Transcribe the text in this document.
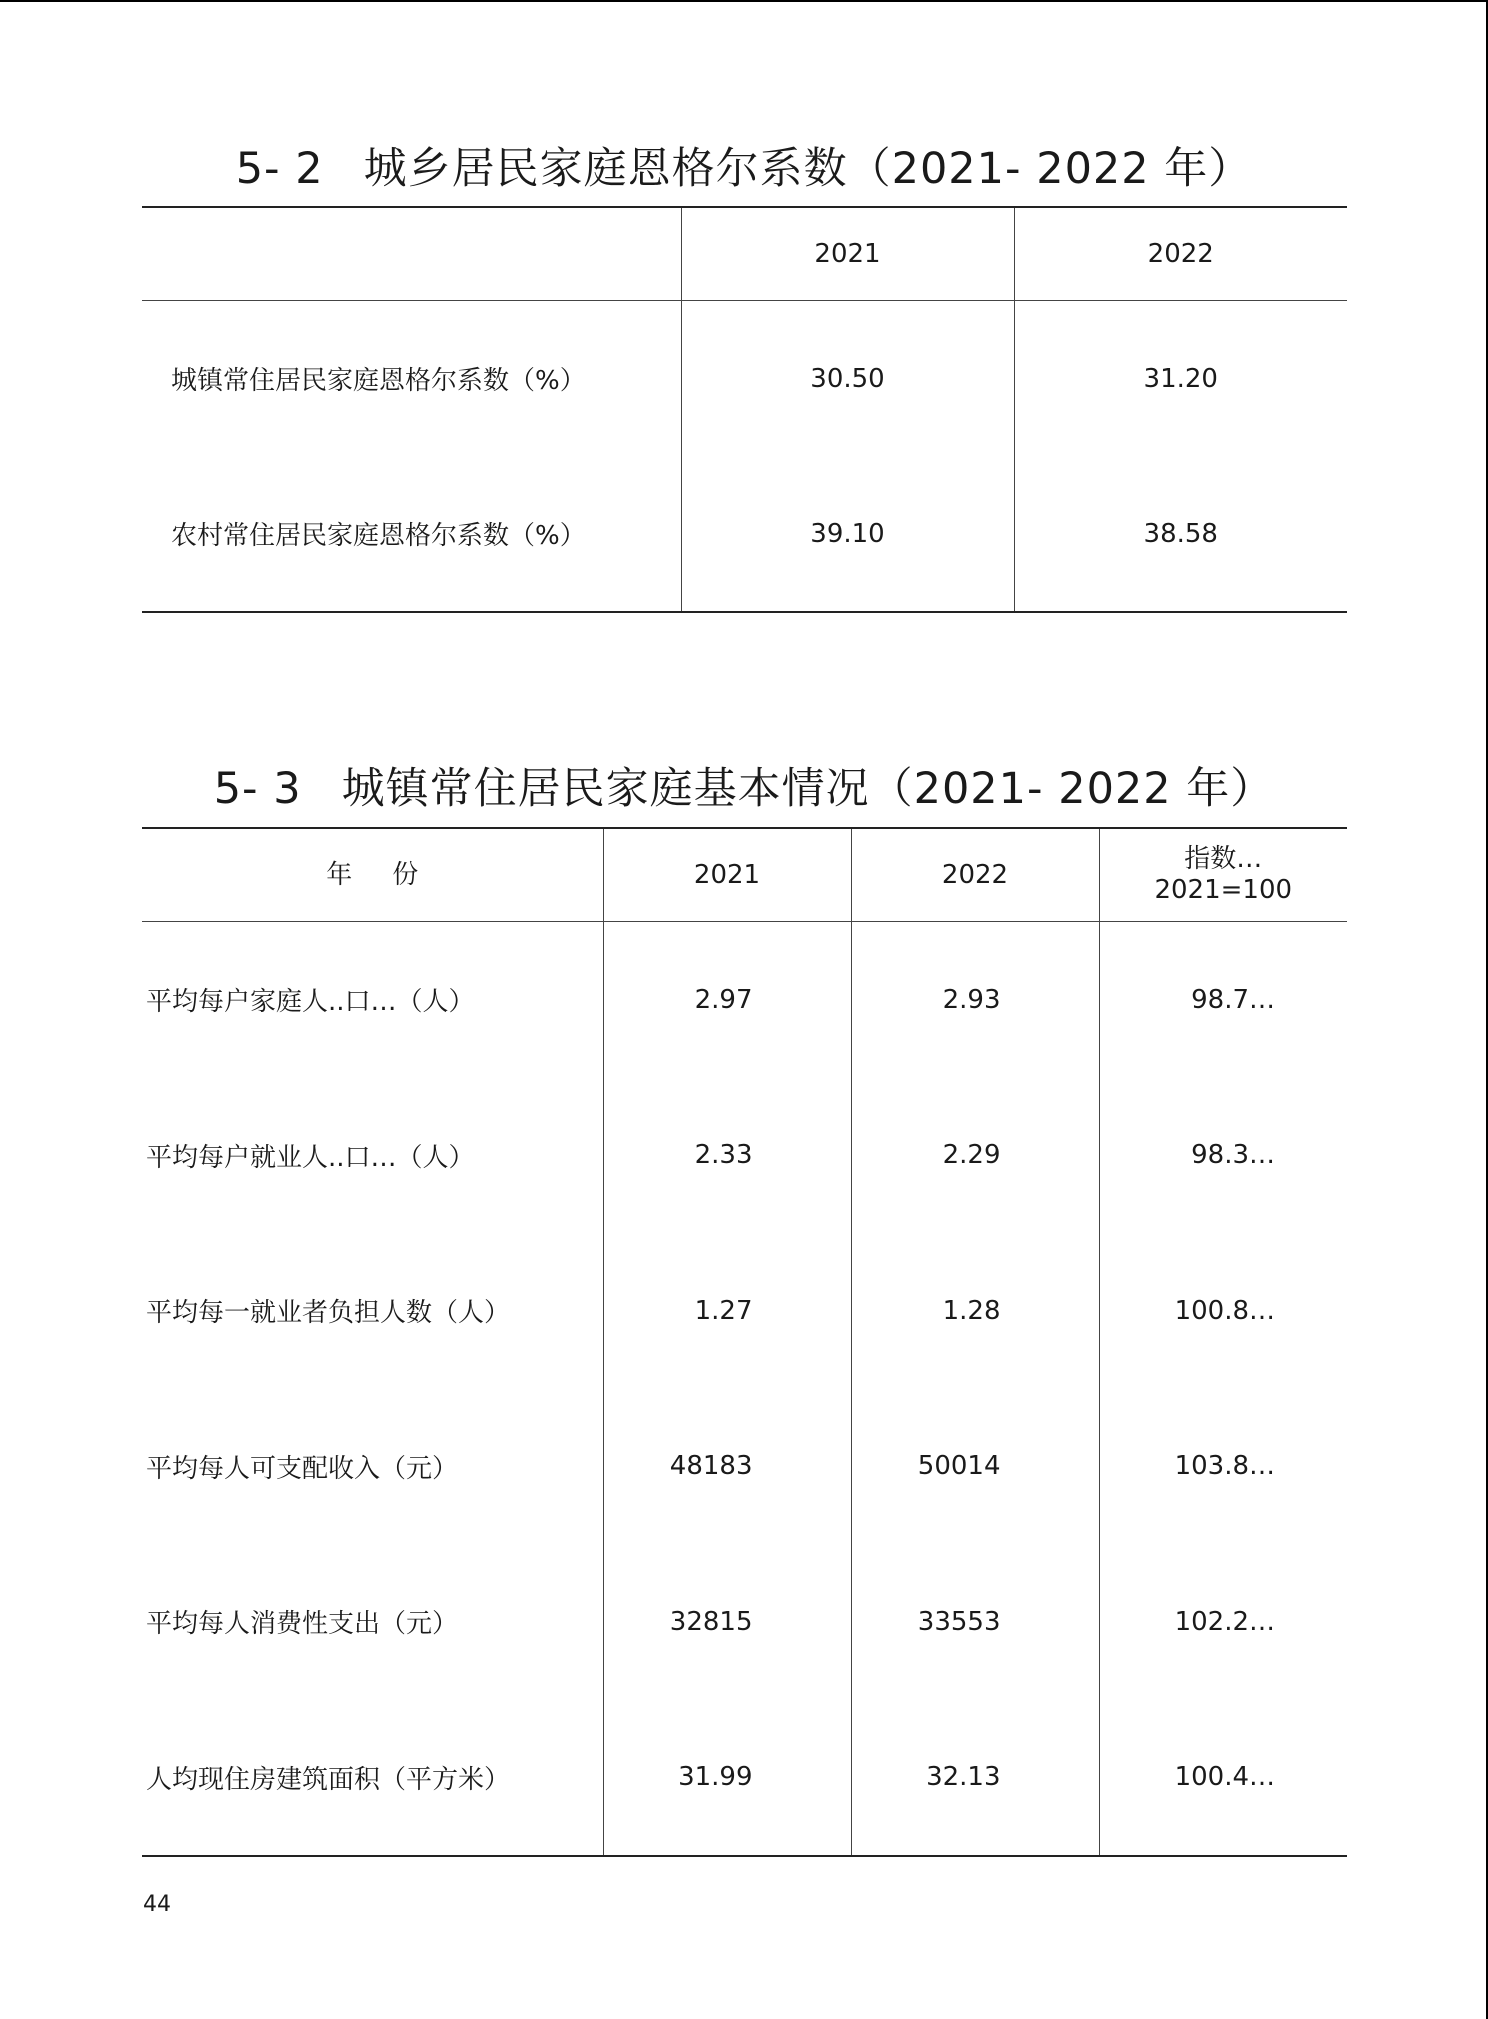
5- 2 城乡居民家庭恩格尔系数（2021- 2022 年）
	2021	2022
城镇常住居民家庭恩格尔系数（%）	30.50	31.20
农村常住居民家庭恩格尔系数（%）	39.10	38.58
5- 3 城镇常住居民家庭基本情况（2021- 2022 年）
年份	2021	2022	指数…
2021=100

平均每户家庭人..口…（人）	2.97	2.93	98.7…
平均每户就业人..口…（人）	2.33	2.29	98.3…
平均每一就业者负担人数（人）	1.27	1.28	100.8…
平均每人可支配收入（元）	48183	50014	103.8…
平均每人消费性支出（元）	32815	33553	102.2…
人均现住房建筑面积（平方米）	31.99	32.13	100.4…
44
